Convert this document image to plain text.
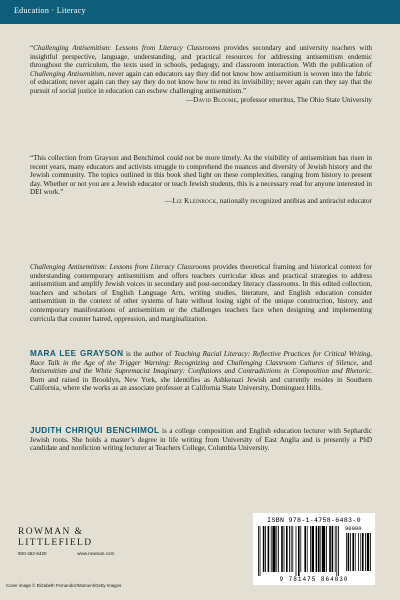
Education · Literacy

“Challenging Antisemitism: Lessons from Literacy Classrooms provides secondary and university teachers with insightful perspective, language, understanding, and practical resources for addressing antisemitism endemic throughout the curriculum, the texts used in schools, pedagogy, and classroom interaction. With the publication of Challenging Antisemitism, never again can educators say they did not know how antisemitism is woven into the fabric of education; never again can they say they do not know how to rend its invisibility; never again can they say that the pursuit of social justice in education can eschew challenging antisemitism.”

—David Bloome, professor emeritus, The Ohio State University

“This collection from Grayson and Benchimol could not be more timely. As the visibility of antisemitism has risen in recent years, many educators and activists struggle to comprehend the nuances and diversity of Jewish history and the Jewish community. The topics outlined in this book shed light on these complexities, ranging from history to present day. Whether or not you are a Jewish educator or teach Jewish students, this is a necessary read for anyone interested in DEI work.”

—Liz Kleinrock, nationally recognized antibias and antiracist educator

Challenging Antisemitism: Lessons from Literacy Classrooms provides theoretical framing and historical context for understanding contemporary antisemitism and offers teachers curricular ideas and practical strategies to address antisemitism and amplify Jewish voices in secondary and post-secondary literacy classrooms. In this edited collection, teachers and scholars of English Language Arts, writing studies, literature, and English education consider antisemitism in the context of other systems of hate without losing sight of the unique construction, history, and contemporary manifestations of antisemitism or the challenges teachers face when designing and implementing curricula that counter hatred, oppression, and marginalization.

MARA LEE GRAYSON is the author of Teaching Racial Literacy: Reflective Practices for Critical Writing, Race Talk in the Age of the Trigger Warning: Recognizing and Challenging Classroom Cultures of Silence, and Antisemitism and the White Supremacist Imaginary: Conflations and Contradictions in Composition and Rhetoric. Born and raised in Brooklyn, New York, she identifies as Ashkenazi Jewish and currently resides in Southern California, where she works as an associate professor at California State University, Dominguez Hills.

JUDITH CHRIQUI BENCHIMOL is a college composition and English education lecturer with Sephardic Jewish roots. She holds a master’s degree in life writing from University of East Anglia and is presently a PhD candidate and nonfiction writing lecturer at Teachers College, Columbia University.

ROWMAN &
LITTLEFIELD
800-462-6420	www.rowman.com
Cover image © Elizabeth Fernandez/Moment/Getty Images
ISBN 978-1-4758-6483-0
90000
9 781475 864830
